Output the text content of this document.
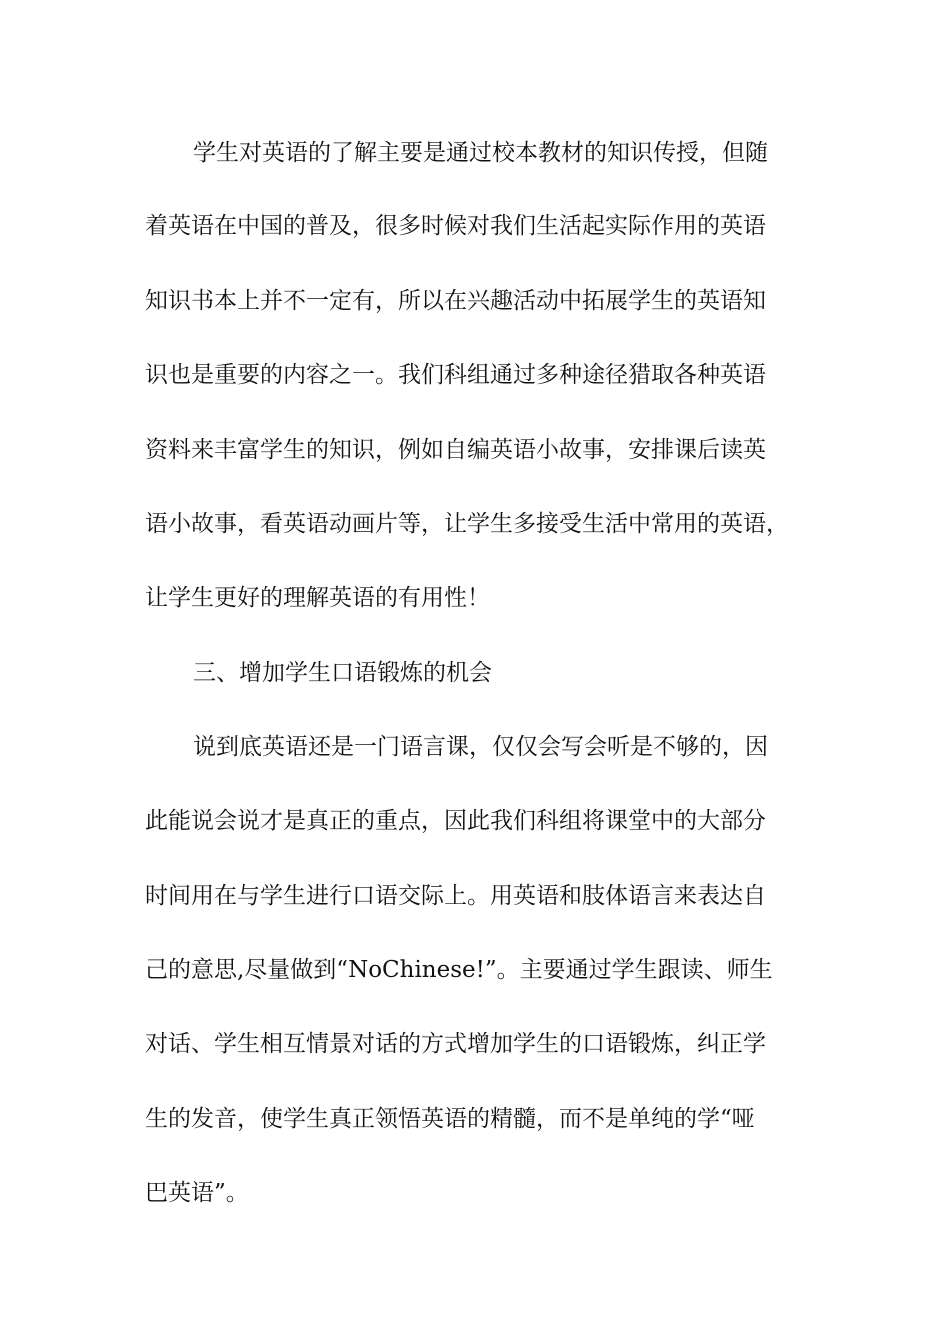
学生对英语的了解主要是通过校本教材的知识传授，但随
着英语在中国的普及，很多时候对我们生活起实际作用的英语
知识书本上并不一定有，所以在兴趣活动中拓展学生的英语知
识也是重要的内容之一。我们科组通过多种途径猎取各种英语
资料来丰富学生的知识，例如自编英语小故事，安排课后读英
语小故事，看英语动画片等，让学生多接受生活中常用的英语，
让学生更好的理解英语的有用性！
三、增加学生口语锻炼的机会
说到底英语还是一门语言课，仅仅会写会听是不够的，因
此能说会说才是真正的重点，因此我们科组将课堂中的大部分
时间用在与学生进行口语交际上。用英语和肢体语言来表达自
己的意思,尽量做到“NoChinese!”。主要通过学生跟读、师生
对话、学生相互情景对话的方式增加学生的口语锻炼，纠正学
生的发音，使学生真正领悟英语的精髓，而不是单纯的学“哑
巴英语”。
